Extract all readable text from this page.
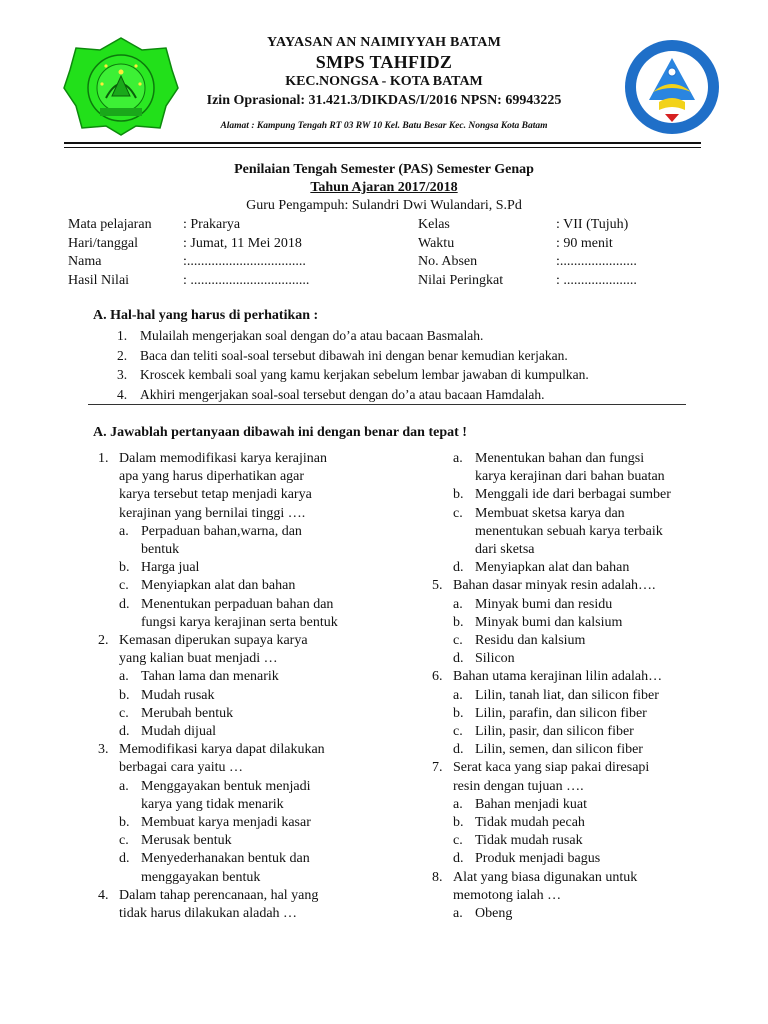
YAYASAN AN NAIMIYYAH BATAM
SMPS TAHFIDZ
KEC.NONGSA - KOTA BATAM
Izin Oprasional: 31.421.3/DIKDAS/I/2016 NPSN: 69943225
Alamat : Kampung Tengah RT 03 RW 10 Kel. Batu Besar Kec. Nongsa Kota Batam
Penilaian Tengah Semester (PAS) Semester Genap
Tahun Ajaran 2017/2018
Guru Pengampuh: Sulandri Dwi Wulandari, S.Pd
Mata pelajaran : Prakarya	Kelas	: VII (Tujuh)
Hari/tanggal	: Jumat, 11 Mei 2018	Waktu	: 90 menit
Nama	:..................................	No. Absen	:......................
Hasil Nilai	: ..................................	Nilai Peringkat	: .....................
A. Hal-hal yang harus di perhatikan :
1. Mulailah mengerjakan soal dengan do’a atau bacaan Basmalah.
2. Baca dan teliti soal-soal tersebut dibawah ini dengan benar kemudian kerjakan.
3. Kroscek kembali soal yang kamu kerjakan sebelum lembar jawaban di kumpulkan.
4. Akhiri mengerjakan soal-soal tersebut dengan do’a atau bacaan Hamdalah.
A. Jawablah pertanyaan dibawah ini dengan benar dan tepat !
1. Dalam memodifikasi karya kerajinan
apa yang harus diperhatikan agar
karya tersebut tetap menjadi karya
kerajinan yang bernilai tinggi ….
a. Perpaduan bahan,warna, dan
bentuk
b. Harga jual
c. Menyiapkan alat dan bahan
d. Menentukan perpaduan bahan dan
fungsi karya kerajinan serta bentuk
2. Kemasan diperukan supaya karya
yang kalian buat menjadi …
a. Tahan lama dan menarik
b. Mudah rusak
c. Merubah bentuk
d. Mudah dijual
3. Memodifikasi karya dapat dilakukan
berbagai cara yaitu …
a. Menggayakan bentuk menjadi
karya yang tidak menarik
b. Membuat karya menjadi kasar
c. Merusak bentuk
d. Menyederhanakan bentuk dan
menggayakan bentuk
4. Dalam tahap perencanaan, hal yang
tidak harus dilakukan aladah …
a. Menentukan bahan dan fungsi
karya kerajinan dari bahan buatan
b. Menggali ide dari berbagai sumber
c. Membuat sketsa karya dan
menentukan sebuah karya terbaik
dari sketsa
d. Menyiapkan alat dan bahan
5. Bahan dasar minyak resin adalah….
a. Minyak bumi dan residu
b. Minyak bumi dan kalsium
c. Residu dan kalsium
d. Silicon
6. Bahan utama kerajinan lilin adalah…
a. Lilin, tanah liat, dan silicon fiber
b. Lilin, parafin, dan silicon fiber
c. Lilin, pasir, dan silicon fiber
d. Lilin, semen, dan silicon fiber
7. Serat kaca yang siap pakai diresapi
resin dengan tujuan ….
a. Bahan menjadi kuat
b. Tidak mudah pecah
c. Tidak mudah rusak
d. Produk menjadi bagus
8. Alat yang biasa digunakan untuk
memotong ialah …
a. Obeng
